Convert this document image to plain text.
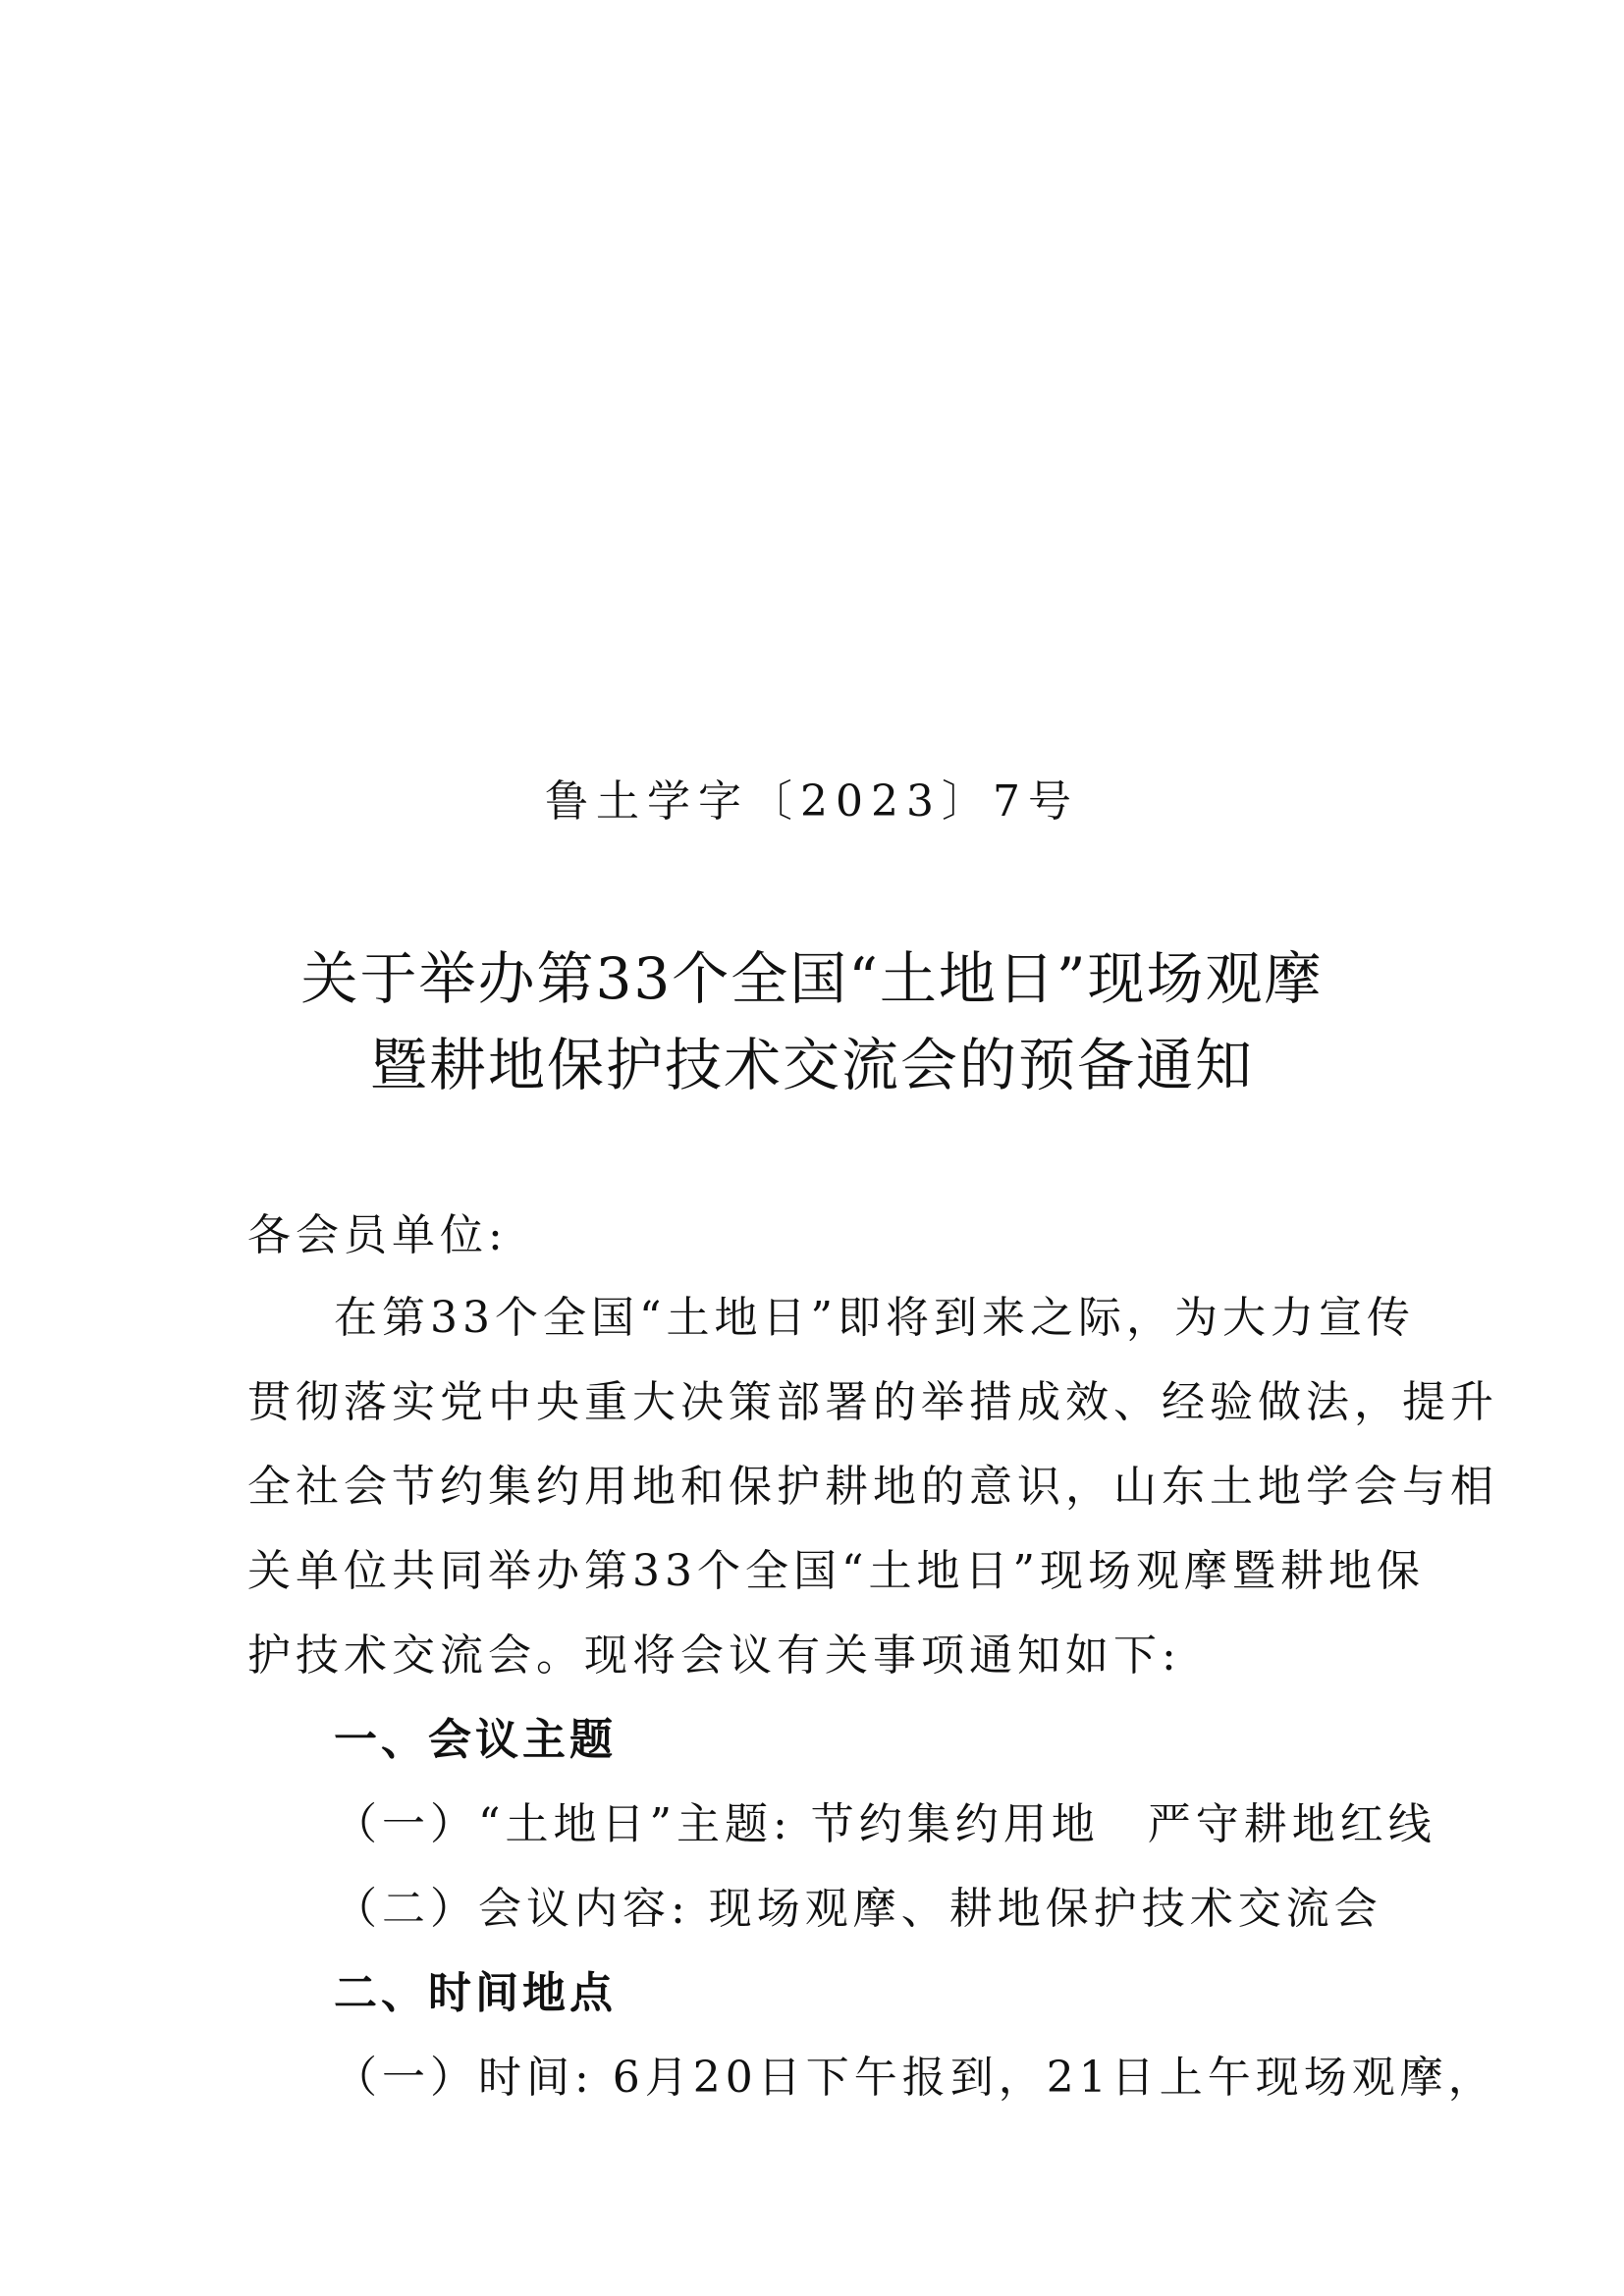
鲁土学字〔2023〕7号
关于举办第33个全国“土地日”现场观摩
暨耕地保护技术交流会的预备通知
各会员单位:
在第33个全国“土地日”即将到来之际，为大力宣传
贯彻落实党中央重大决策部署的举措成效、经验做法，提升
全社会节约集约用地和保护耕地的意识，山东土地学会与相
关单位共同举办第33个全国“土地日”现场观摩暨耕地保
护技术交流会。现将会议有关事项通知如下:
一、会议主题
（一）“土地日”主题: 节约集约用地　严守耕地红线
（二）会议内容: 现场观摩、耕地保护技术交流会
二、时间地点
（一）时间: 6月20日下午报到，21日上午现场观摩，
